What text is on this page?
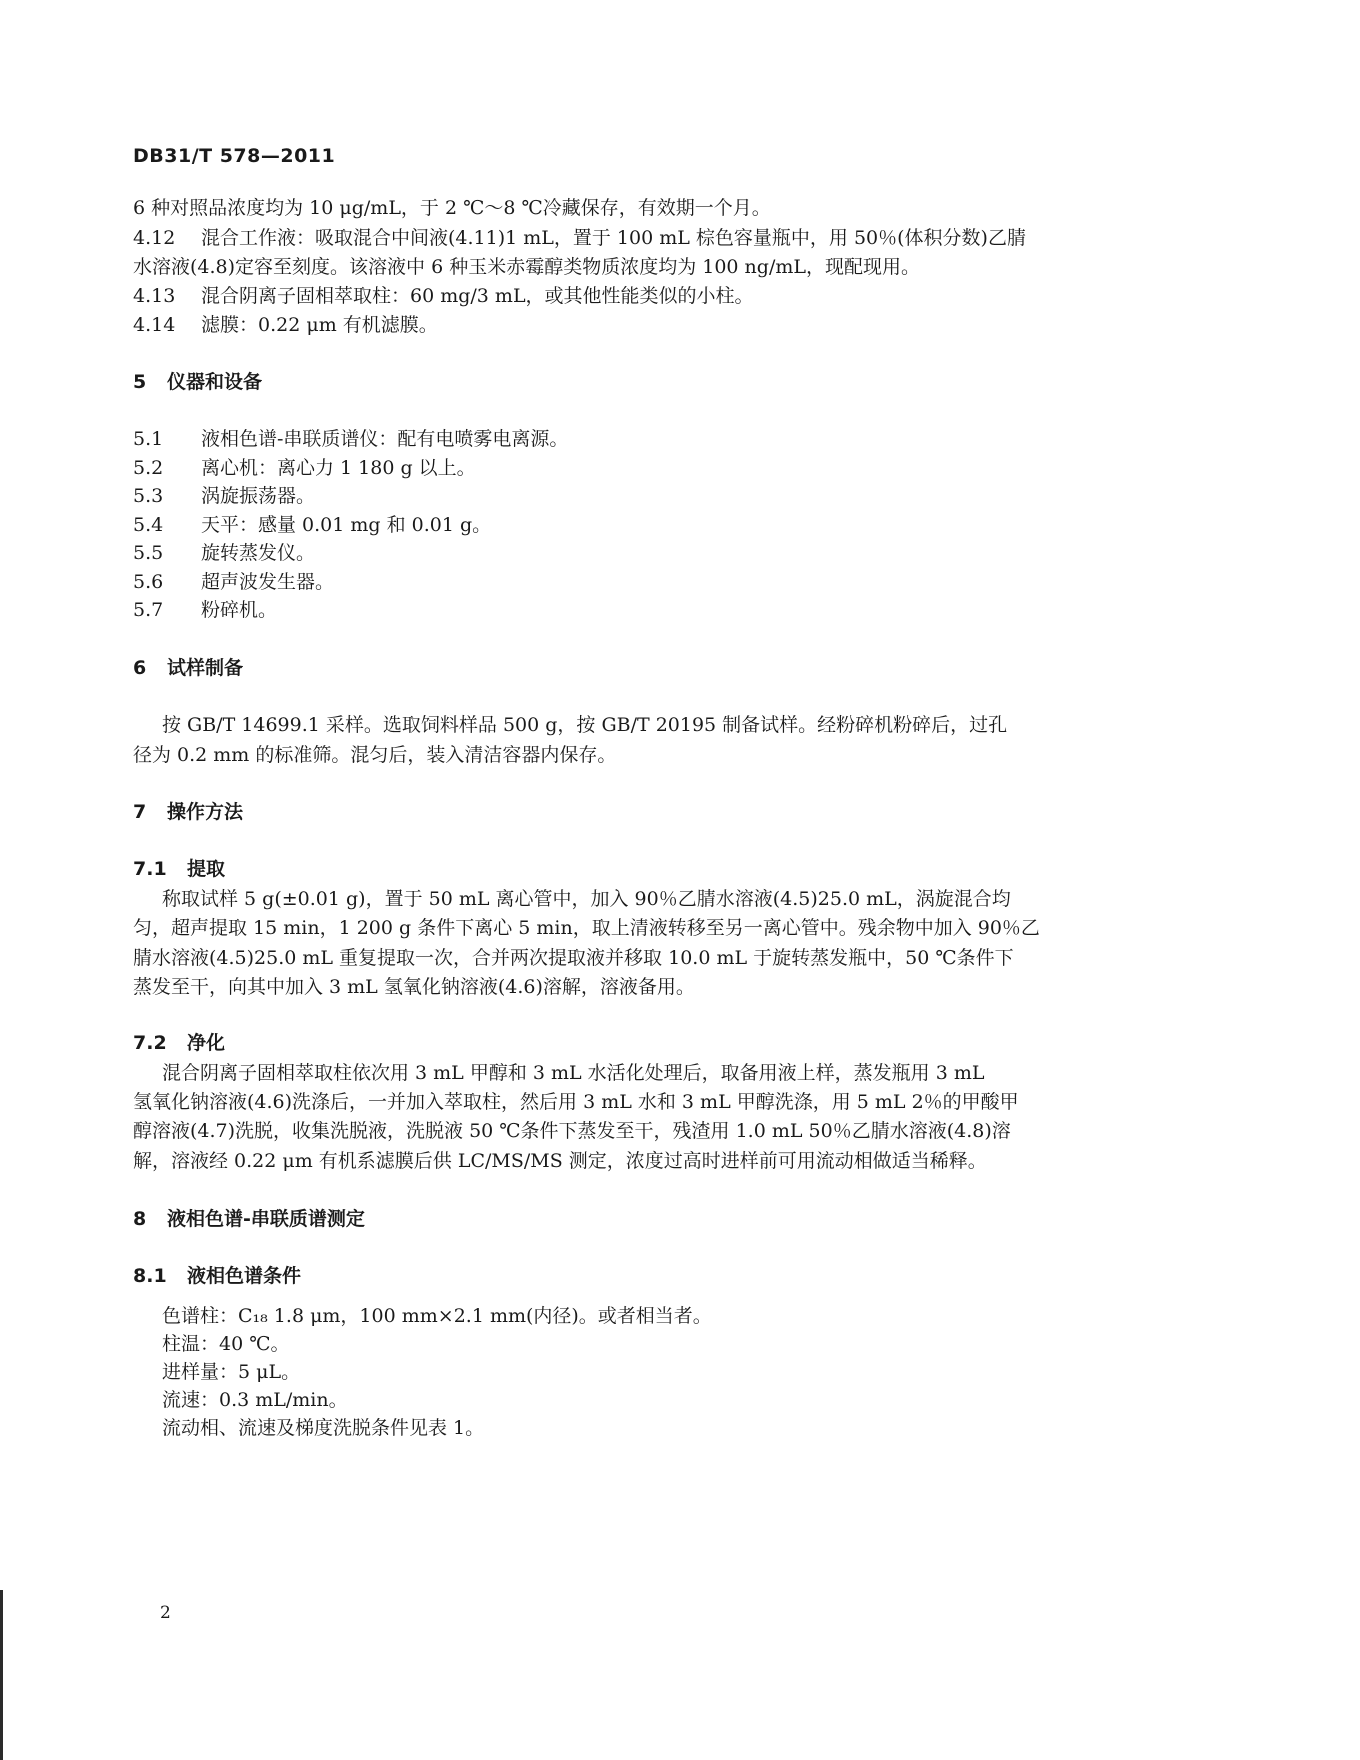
DB31/T 578—2011
6 种对照品浓度均为 10 μg/mL，于 2 ℃～8 ℃冷藏保存，有效期一个月。
4.12 混合工作液：吸取混合中间液(4.11)1 mL，置于 100 mL 棕色容量瓶中，用 50％(体积分数)乙腈
水溶液(4.8)定容至刻度。该溶液中 6 种玉米赤霉醇类物质浓度均为 100 ng/mL，现配现用。
4.13 混合阴离子固相萃取柱：60 mg/3 mL，或其他性能类似的小柱。
4.14 滤膜：0.22 μm 有机滤膜。
5 仪器和设备
5.1 液相色谱-串联质谱仪：配有电喷雾电离源。
5.2 离心机：离心力 1 180 g 以上。
5.3 涡旋振荡器。
5.4 天平：感量 0.01 mg 和 0.01 g。
5.5 旋转蒸发仪。
5.6 超声波发生器。
5.7 粉碎机。
6 试样制备
按 GB/T 14699.1 采样。选取饲料样品 500 g，按 GB/T 20195 制备试样。经粉碎机粉碎后，过孔
径为 0.2 mm 的标准筛。混匀后，装入清洁容器内保存。
7 操作方法
7.1 提取
称取试样 5 g(±0.01 g)，置于 50 mL 离心管中，加入 90％乙腈水溶液(4.5)25.0 mL，涡旋混合均
匀，超声提取 15 min，1 200 g 条件下离心 5 min，取上清液转移至另一离心管中。残余物中加入 90％乙
腈水溶液(4.5)25.0 mL 重复提取一次，合并两次提取液并移取 10.0 mL 于旋转蒸发瓶中，50 ℃条件下
蒸发至干，向其中加入 3 mL 氢氧化钠溶液(4.6)溶解，溶液备用。
7.2 净化
混合阴离子固相萃取柱依次用 3 mL 甲醇和 3 mL 水活化处理后，取备用液上样，蒸发瓶用 3 mL
氢氧化钠溶液(4.6)洗涤后，一并加入萃取柱，然后用 3 mL 水和 3 mL 甲醇洗涤，用 5 mL 2％的甲酸甲
醇溶液(4.7)洗脱，收集洗脱液，洗脱液 50 ℃条件下蒸发至干，残渣用 1.0 mL 50％乙腈水溶液(4.8)溶
解，溶液经 0.22 μm 有机系滤膜后供 LC/MS/MS 测定，浓度过高时进样前可用流动相做适当稀释。
8 液相色谱-串联质谱测定
8.1 液相色谱条件
色谱柱：C₁₈ 1.8 μm，100 mm×2.1 mm(内径)。或者相当者。
柱温：40 ℃。
进样量：5 μL。
流速：0.3 mL/min。
流动相、流速及梯度洗脱条件见表 1。
2
